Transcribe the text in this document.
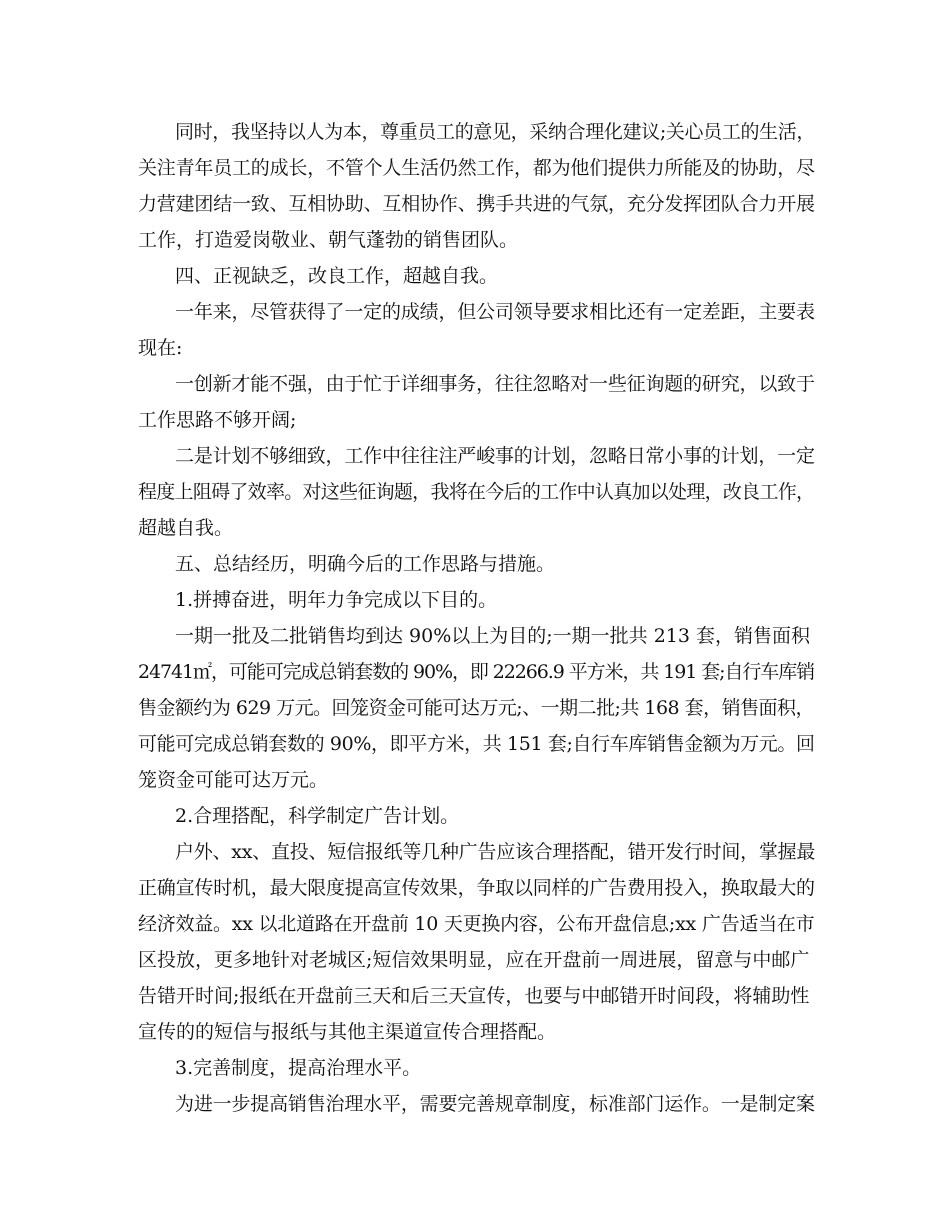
同时，我坚持以人为本，尊重员工的意见，采纳合理化建议;关心员工的生活，
关注青年员工的成长，不管个人生活仍然工作，都为他们提供力所能及的协助，尽
力营建团结一致、互相协助、互相协作、携手共进的气氛，充分发挥团队合力开展
工作，打造爱岗敬业、朝气蓬勃的销售团队。
四、正视缺乏，改良工作，超越自我。
一年来，尽管获得了一定的成绩，但公司领导要求相比还有一定差距，主要表
现在:
一创新才能不强，由于忙于详细事务，往往忽略对一些征询题的研究，以致于
工作思路不够开阔;
二是计划不够细致，工作中往往注严峻事的计划，忽略日常小事的计划，一定
程度上阻碍了效率。对这些征询题，我将在今后的工作中认真加以处理，改良工作，
超越自我。
五、总结经历，明确今后的工作思路与措施。
1.拼搏奋进，明年力争完成以下目的。
一期一批及二批销售均到达 90%以上为目的;一期一批共 213 套，销售面积
24741㎡，可能可完成总销套数的 90%，即 22266.9 平方米，共 191 套;自行车库销
售金额约为 629 万元。回笼资金可能可达万元;、一期二批;共 168 套，销售面积，
可能可完成总销套数的 90%，即平方米，共 151 套;自行车库销售金额为万元。回
笼资金可能可达万元。
2.合理搭配，科学制定广告计划。
户外、xx、直投、短信报纸等几种广告应该合理搭配，错开发行时间，掌握最
正确宣传时机，最大限度提高宣传效果，争取以同样的广告费用投入，换取最大的
经济效益。xx 以北道路在开盘前 10 天更换内容，公布开盘信息;xx 广告适当在市
区投放，更多地针对老城区;短信效果明显，应在开盘前一周进展，留意与中邮广
告错开时间;报纸在开盘前三天和后三天宣传，也要与中邮错开时间段，将辅助性
宣传的的短信与报纸与其他主渠道宣传合理搭配。
3.完善制度，提高治理水平。
为进一步提高销售治理水平，需要完善规章制度，标准部门运作。一是制定案
